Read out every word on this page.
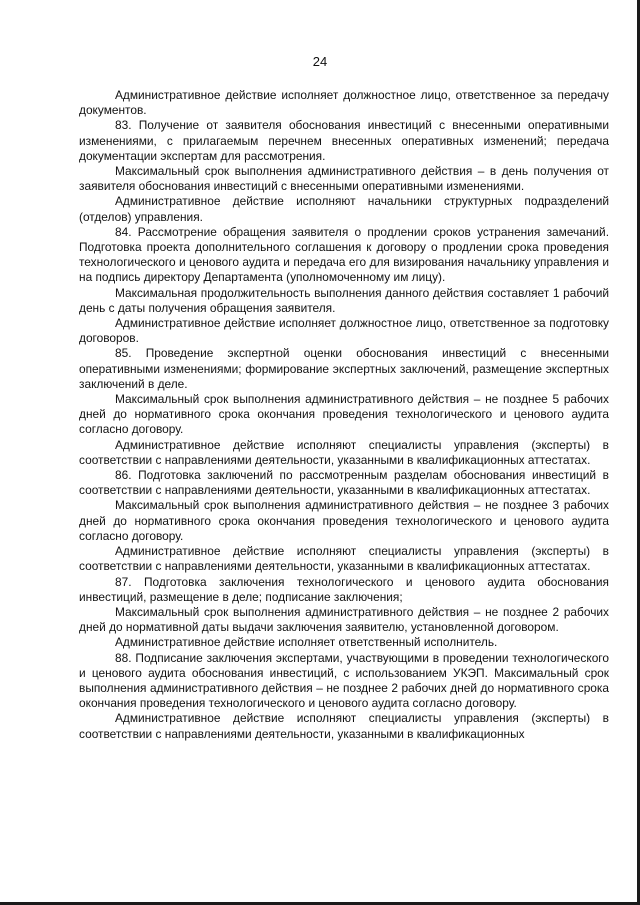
24

Административное действие исполняет должностное лицо, ответственное за передачу документов.

83. Получение от заявителя обоснования инвестиций с внесенными оперативными изменениями, с прилагаемым перечнем внесенных оперативных изменений; передача документации экспертам для рассмотрения.

Максимальный срок выполнения административного действия – в день получения от заявителя обоснования инвестиций с внесенными оперативными изменениями.

Административное действие исполняют начальники структурных подразделений (отделов) управления.

84. Рассмотрение обращения заявителя о продлении сроков устранения замечаний. Подготовка проекта дополнительного соглашения к договору о продлении срока проведения технологического и ценового аудита и передача его для визирования начальнику управления и на подпись директору Департамента (уполномоченному им лицу).

Максимальная продолжительность выполнения данного действия составляет 1 рабочий день с даты получения обращения заявителя.

Административное действие исполняет должностное лицо, ответственное за подготовку договоров.

85. Проведение экспертной оценки обоснования инвестиций с внесенными оперативными изменениями; формирование экспертных заключений, размещение экспертных заключений в деле.

Максимальный срок выполнения административного действия – не позднее 5 рабочих дней до нормативного срока окончания проведения технологического и ценового аудита согласно договору.

Административное действие исполняют специалисты управления (эксперты) в соответствии с направлениями деятельности, указанными в квалификационных аттестатах.

86. Подготовка заключений по рассмотренным разделам обоснования инвестиций в соответствии с направлениями деятельности, указанными в квалификационных аттестатах.

Максимальный срок выполнения административного действия – не позднее 3 рабочих дней до нормативного срока окончания проведения технологического и ценового аудита согласно договору.

Административное действие исполняют специалисты управления (эксперты) в соответствии с направлениями деятельности, указанными в квалификационных аттестатах.

87. Подготовка заключения технологического и ценового аудита обоснования инвестиций, размещение в деле; подписание заключения;

Максимальный срок выполнения административного действия – не позднее 2 рабочих дней до нормативной даты выдачи заключения заявителю, установленной договором.

Административное действие исполняет ответственный исполнитель.

88. Подписание заключения экспертами, участвующими в проведении технологического и ценового аудита обоснования инвестиций, с использованием УКЭП. Максимальный срок выполнения административного действия – не позднее 2 рабочих дней до нормативного срока окончания проведения технологического и ценового аудита согласно договору.

Административное действие исполняют специалисты управления (эксперты) в соответствии с направлениями деятельности, указанными в квалификационных
